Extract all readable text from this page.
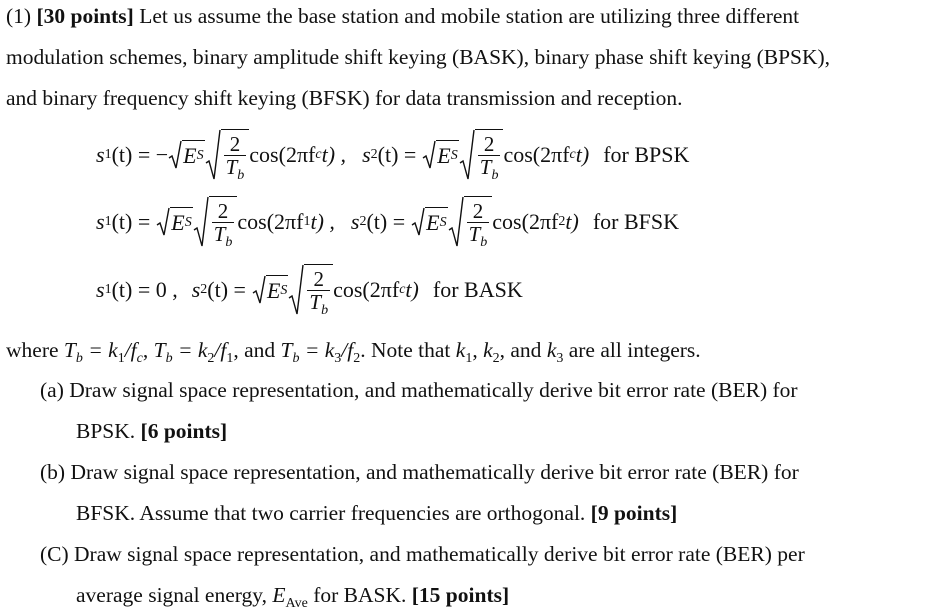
(1) [30 points] Let us assume the base station and mobile station are utilizing three different
modulation schemes, binary amplitude shift keying (BASK), binary phase shift keying (BPSK),
and binary frequency shift keying (BFSK) for data transmission and reception.
s 1 (t) = − E S $\frac{2}{T_b} \cos(2\pi f$ c t) , s 2 (t) = E S $\frac{2}{T_b} \cos(2\pi f$ c t) for BPSK
s 1 (t) = E S $\frac{2}{T_b} \cos(2\pi f$ 1 t) , s 2 (t) = E S $\frac{2}{T_b} \cos(2\pi f$ 2 t) for BFSK
s 1 (t) = 0 , s 2 (t) = E S $\frac{2}{T_b} \cos(2\pi f$ c t) for BASK
where $T_b = k_1/f_c$, $T_b = k_2/f_1$, and $T_b = k_3/f_2$. Note that $k_1$, $k_2$, and $k_3$ are all integers.
(a) Draw signal space representation, and mathematically derive bit error rate (BER) for
BPSK. [6 points]
(b) Draw signal space representation, and mathematically derive bit error rate (BER) for
BFSK. Assume that two carrier frequencies are orthogonal. [9 points]
(C) Draw signal space representation, and mathematically derive bit error rate (BER) per
average signal energy, $E_{Ave}$ for BASK. [15 points]
